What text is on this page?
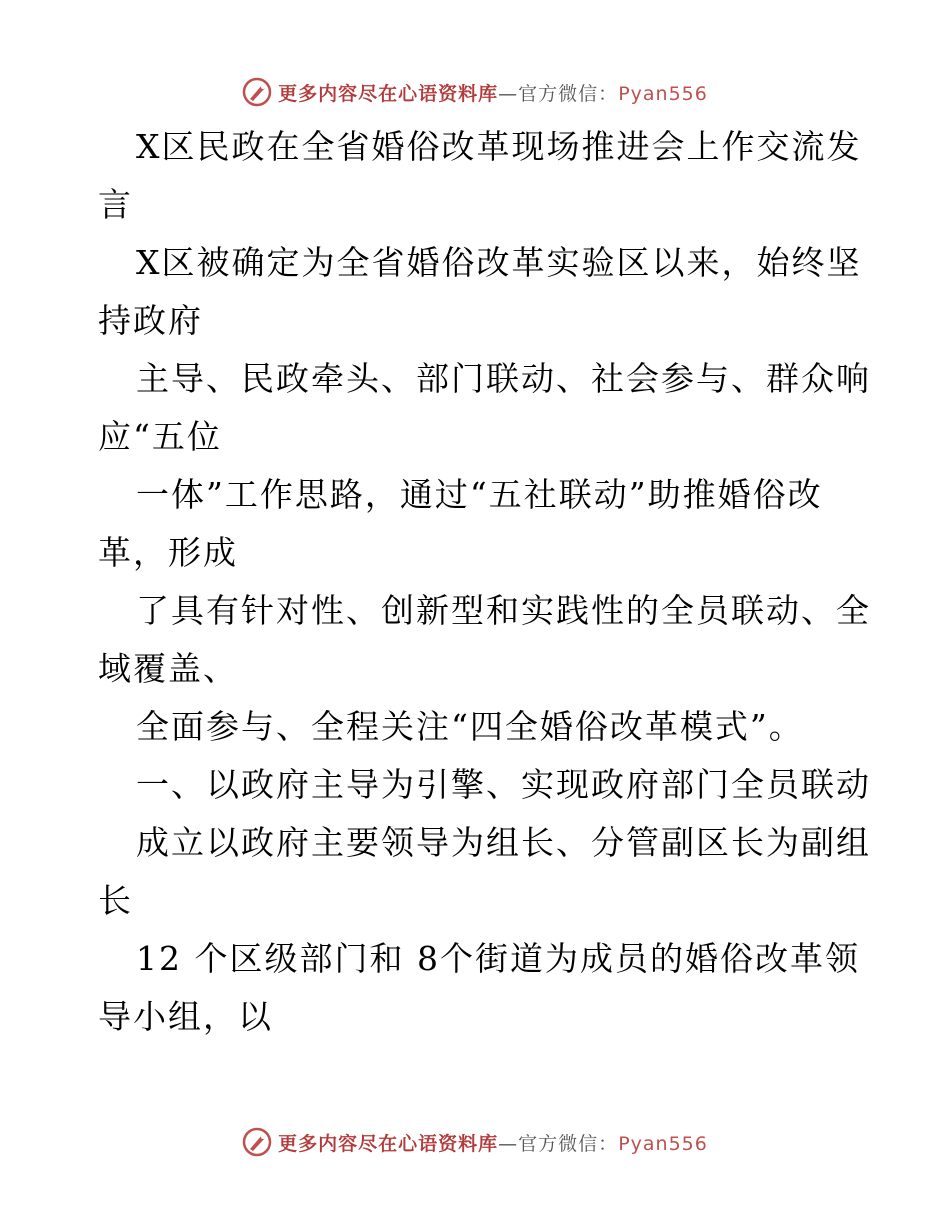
更多内容尽在心语资料库—官方微信：Pyan556
X区民政在全省婚俗改革现场推进会上作交流发
言
X区被确定为全省婚俗改革实验区以来，始终坚
持政府
主导、民政牵头、部门联动、社会参与、群众响
应“五位
一体”工作思路，通过“五社联动”助推婚俗改
革，形成
了具有针对性、创新型和实践性的全员联动、全
域覆盖、
全面参与、全程关注“四全婚俗改革模式”。
一、以政府主导为引擎、实现政府部门全员联动
成立以政府主要领导为组长、分管副区长为副组
长
12 个区级部门和 8个街道为成员的婚俗改革领
导小组，以
更多内容尽在心语资料库—官方微信：Pyan556
